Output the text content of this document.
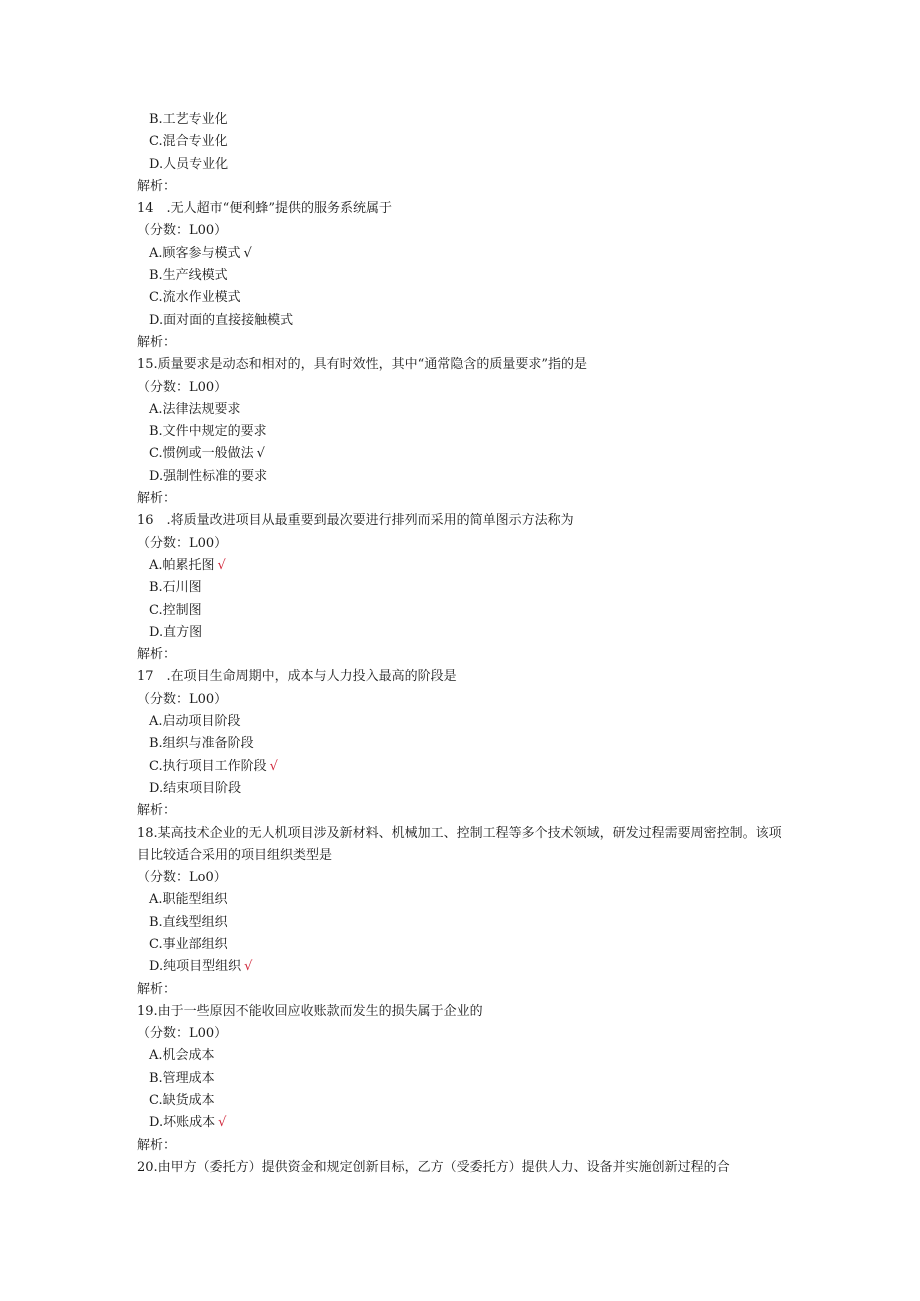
B.工艺专业化
C.混合专业化
D.人员专业化
解析：
14　.无人超市“便利蜂”提供的服务系统属于
（分数：L00）
A.顾客参与模式 √
B.生产线模式
C.流水作业模式
D.面对面的直接接触模式
解析：
15.质量要求是动态和相对的，具有时效性，其中“通常隐含的质量要求”指的是
（分数：L00）
A.法律法规要求
B.文件中规定的要求
C.惯例或一般做法 √
D.强制性标准的要求
解析：
16　.将质量改进项目从最重要到最次要进行排列而采用的简单图示方法称为
（分数：L00）
A.帕累托图 √
B.石川图
C.控制图
D.直方图
解析：
17　.在项目生命周期中，成本与人力投入最高的阶段是
（分数：L00）
A.启动项目阶段
B.组织与准备阶段
C.执行项目工作阶段 √
D.结束项目阶段
解析：
18.某高技术企业的无人机项目涉及新材料、机械加工、控制工程等多个技术领域，研发过程需要周密控制。该项目比较适合采用的项目组织类型是
（分数：Lo0）
A.职能型组织
B.直线型组织
C.事业部组织
D.纯项目型组织 √
解析：
19.由于一些原因不能收回应收账款而发生的损失属于企业的
（分数：L00）
A.机会成本
B.管理成本
C.缺货成本
D.坏账成本 √
解析：
20.由甲方（委托方）提供资金和规定创新目标，乙方（受委托方）提供人力、设备并实施创新过程的合
